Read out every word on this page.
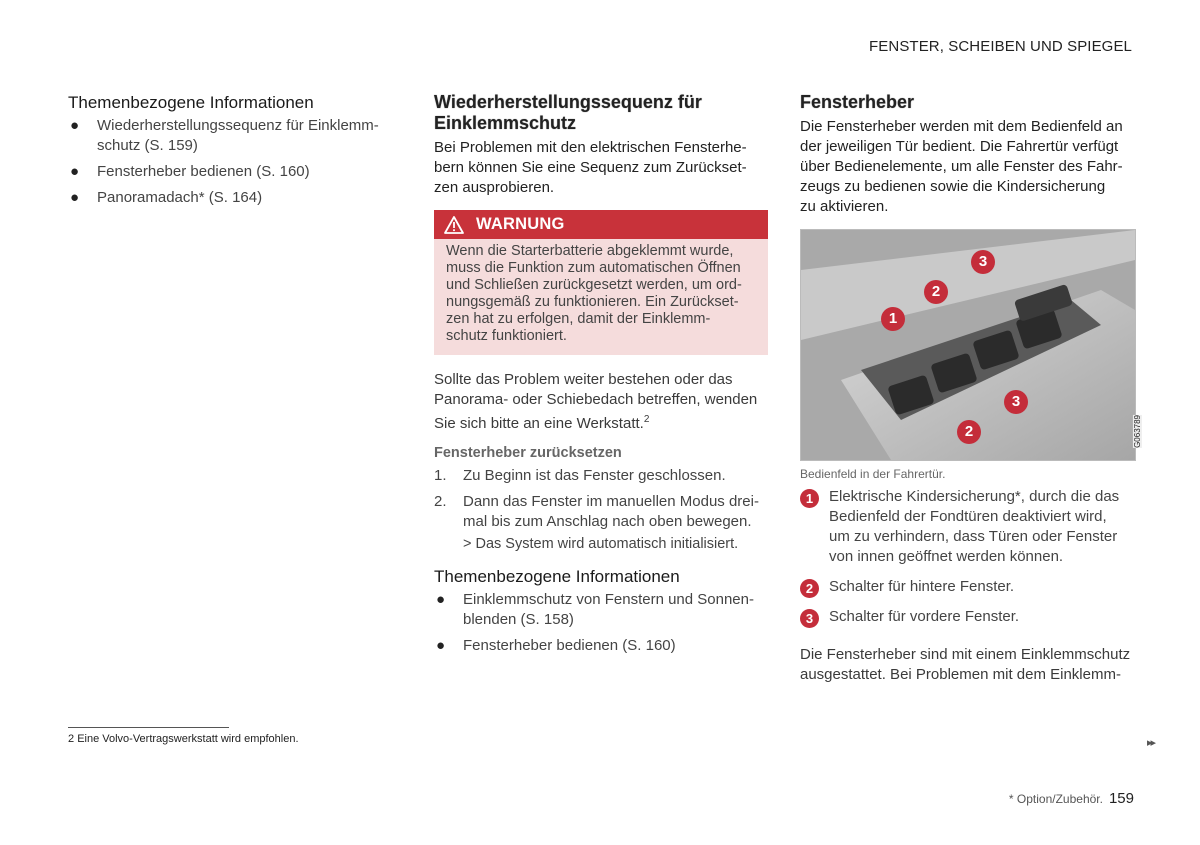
FENSTER, SCHEIBEN UND SPIEGEL
Themenbezogene Informationen
● Wiederherstellungssequenz für Einklemm-
schutz (S. 159)
● Fensterheber bedienen (S. 160)
● Panoramadach* (S. 164)
Wiederherstellungssequenz für
Einklemmschutz

Bei Problemen mit den elektrischen Fensterhe-
bern können Sie eine Sequenz zum Zurückset-
zen ausprobieren.

WARNUNG
Wenn die Starterbatterie abgeklemmt wurde,
muss die Funktion zum automatischen Öffnen
und Schließen zurückgesetzt werden, um ord-
nungsgemäß zu funktionieren. Ein Zurückset-
zen hat zu erfolgen, damit der Einklemm-
schutz funktioniert.

Sollte das Problem weiter bestehen oder das
Panorama- oder Schiebedach betreffen, wenden
Sie sich bitte an eine Werkstatt.$^2$

Fensterheber zurücksetzen
1. Zu Beginn ist das Fenster geschlossen.
2. Dann das Fenster im manuellen Modus drei-
mal bis zum Anschlag nach oben bewegen.
> Das System wird automatisch initialisiert.
Themenbezogene Informationen
● Einklemmschutz von Fenstern und Sonnen-
blenden (S. 158)
● Fensterheber bedienen (S. 160)
Fensterheber

Die Fensterheber werden mit dem Bedienfeld an
der jeweiligen Tür bedient. Die Fahrertür verfügt
über Bedienelemente, um alle Fenster des Fahr-
zeugs zu bedienen sowie die Kindersicherung
zu aktivieren.

1
2
3
3
2	G063789
Bedienfeld in der Fahrertür.
1	Elektrische Kindersicherung*, durch die das
Bedienfeld der Fondtüren deaktiviert wird,
um zu verhindern, dass Türen oder Fenster
von innen geöffnet werden können.
2	Schalter für hintere Fenster.
3	Schalter für vordere Fenster.

Die Fensterheber sind mit einem Einklemmschutz
ausgestattet. Bei Problemen mit dem Einklemm-

2 Eine Volvo-Vertragswerkstatt wird empfohlen.	▸▸
* Option/Zubehör. 159
